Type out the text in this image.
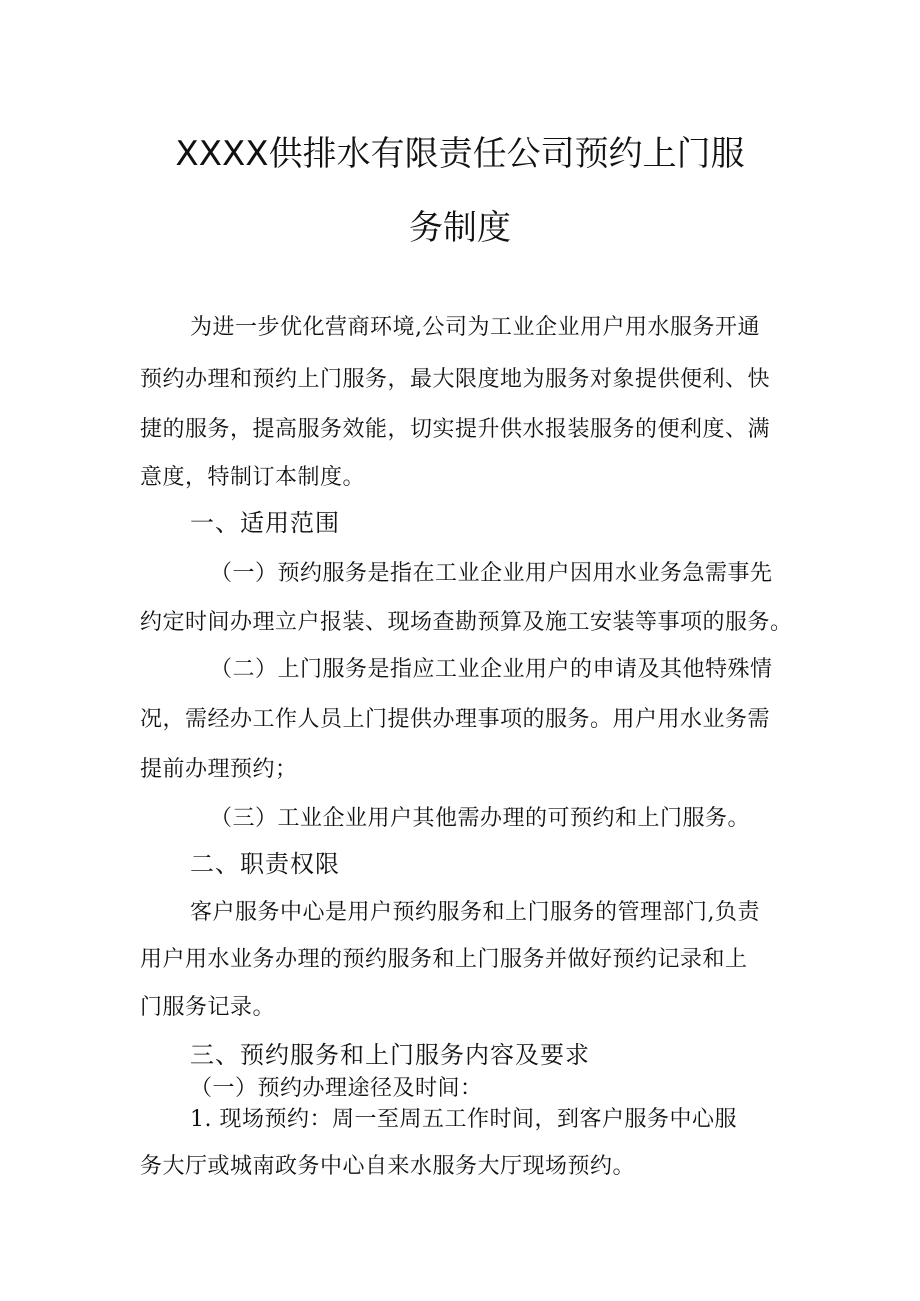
XXXX供排水有限责任公司预约上门服
务制度
为进一步优化营商环境,公司为工业企业用户用水服务开通
预约办理和预约上门服务，最大限度地为服务对象提供便利、快
捷的服务，提高服务效能，切实提升供水报装服务的便利度、满
意度，特制订本制度。
一、适用范围
（一）预约服务是指在工业企业用户因用水业务急需事先
约定时间办理立户报装、现场查勘预算及施工安装等事项的服务。
（二）上门服务是指应工业企业用户的申请及其他特殊情
况，需经办工作人员上门提供办理事项的服务。用户用水业务需
提前办理预约；
（三）工业企业用户其他需办理的可预约和上门服务。
二、职责权限
客户服务中心是用户预约服务和上门服务的管理部门,负责
用户用水业务办理的预约服务和上门服务并做好预约记录和上
门服务记录。
三、预约服务和上门服务内容及要求
（一）预约办理途径及时间：
1. 现场预约：周一至周五工作时间，到客户服务中心服
务大厅或城南政务中心自来水服务大厅现场预约。
